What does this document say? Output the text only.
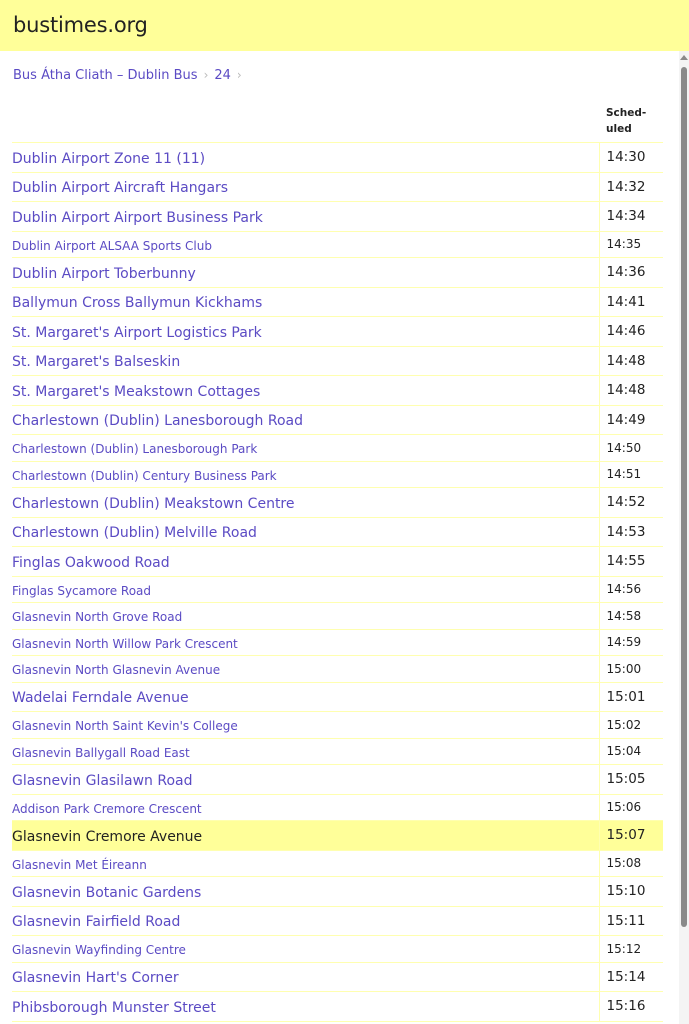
bustimes.org
Bus Átha Cliath – Dublin Bus › 24 ›
	Sched-
uled
Dublin Airport Zone 11 (11)	14:30
Dublin Airport Aircraft Hangars	14:32
Dublin Airport Airport Business Park	14:34
Dublin Airport ALSAA Sports Club	14:35
Dublin Airport Toberbunny	14:36
Ballymun Cross Ballymun Kickhams	14:41
St. Margaret's Airport Logistics Park	14:46
St. Margaret's Balseskin	14:48
St. Margaret's Meakstown Cottages	14:48
Charlestown (Dublin) Lanesborough Road	14:49
Charlestown (Dublin) Lanesborough Park	14:50
Charlestown (Dublin) Century Business Park	14:51
Charlestown (Dublin) Meakstown Centre	14:52
Charlestown (Dublin) Melville Road	14:53
Finglas Oakwood Road	14:55
Finglas Sycamore Road	14:56
Glasnevin North Grove Road	14:58
Glasnevin North Willow Park Crescent	14:59
Glasnevin North Glasnevin Avenue	15:00
Wadelai Ferndale Avenue	15:01
Glasnevin North Saint Kevin's College	15:02
Glasnevin Ballygall Road East	15:04
Glasnevin Glasilawn Road	15:05
Addison Park Cremore Crescent	15:06
Glasnevin Cremore Avenue	15:07
Glasnevin Met Éireann	15:08
Glasnevin Botanic Gardens	15:10
Glasnevin Fairfield Road	15:11
Glasnevin Wayfinding Centre	15:12
Glasnevin Hart's Corner	15:14
Phibsborough Munster Street	15:16
